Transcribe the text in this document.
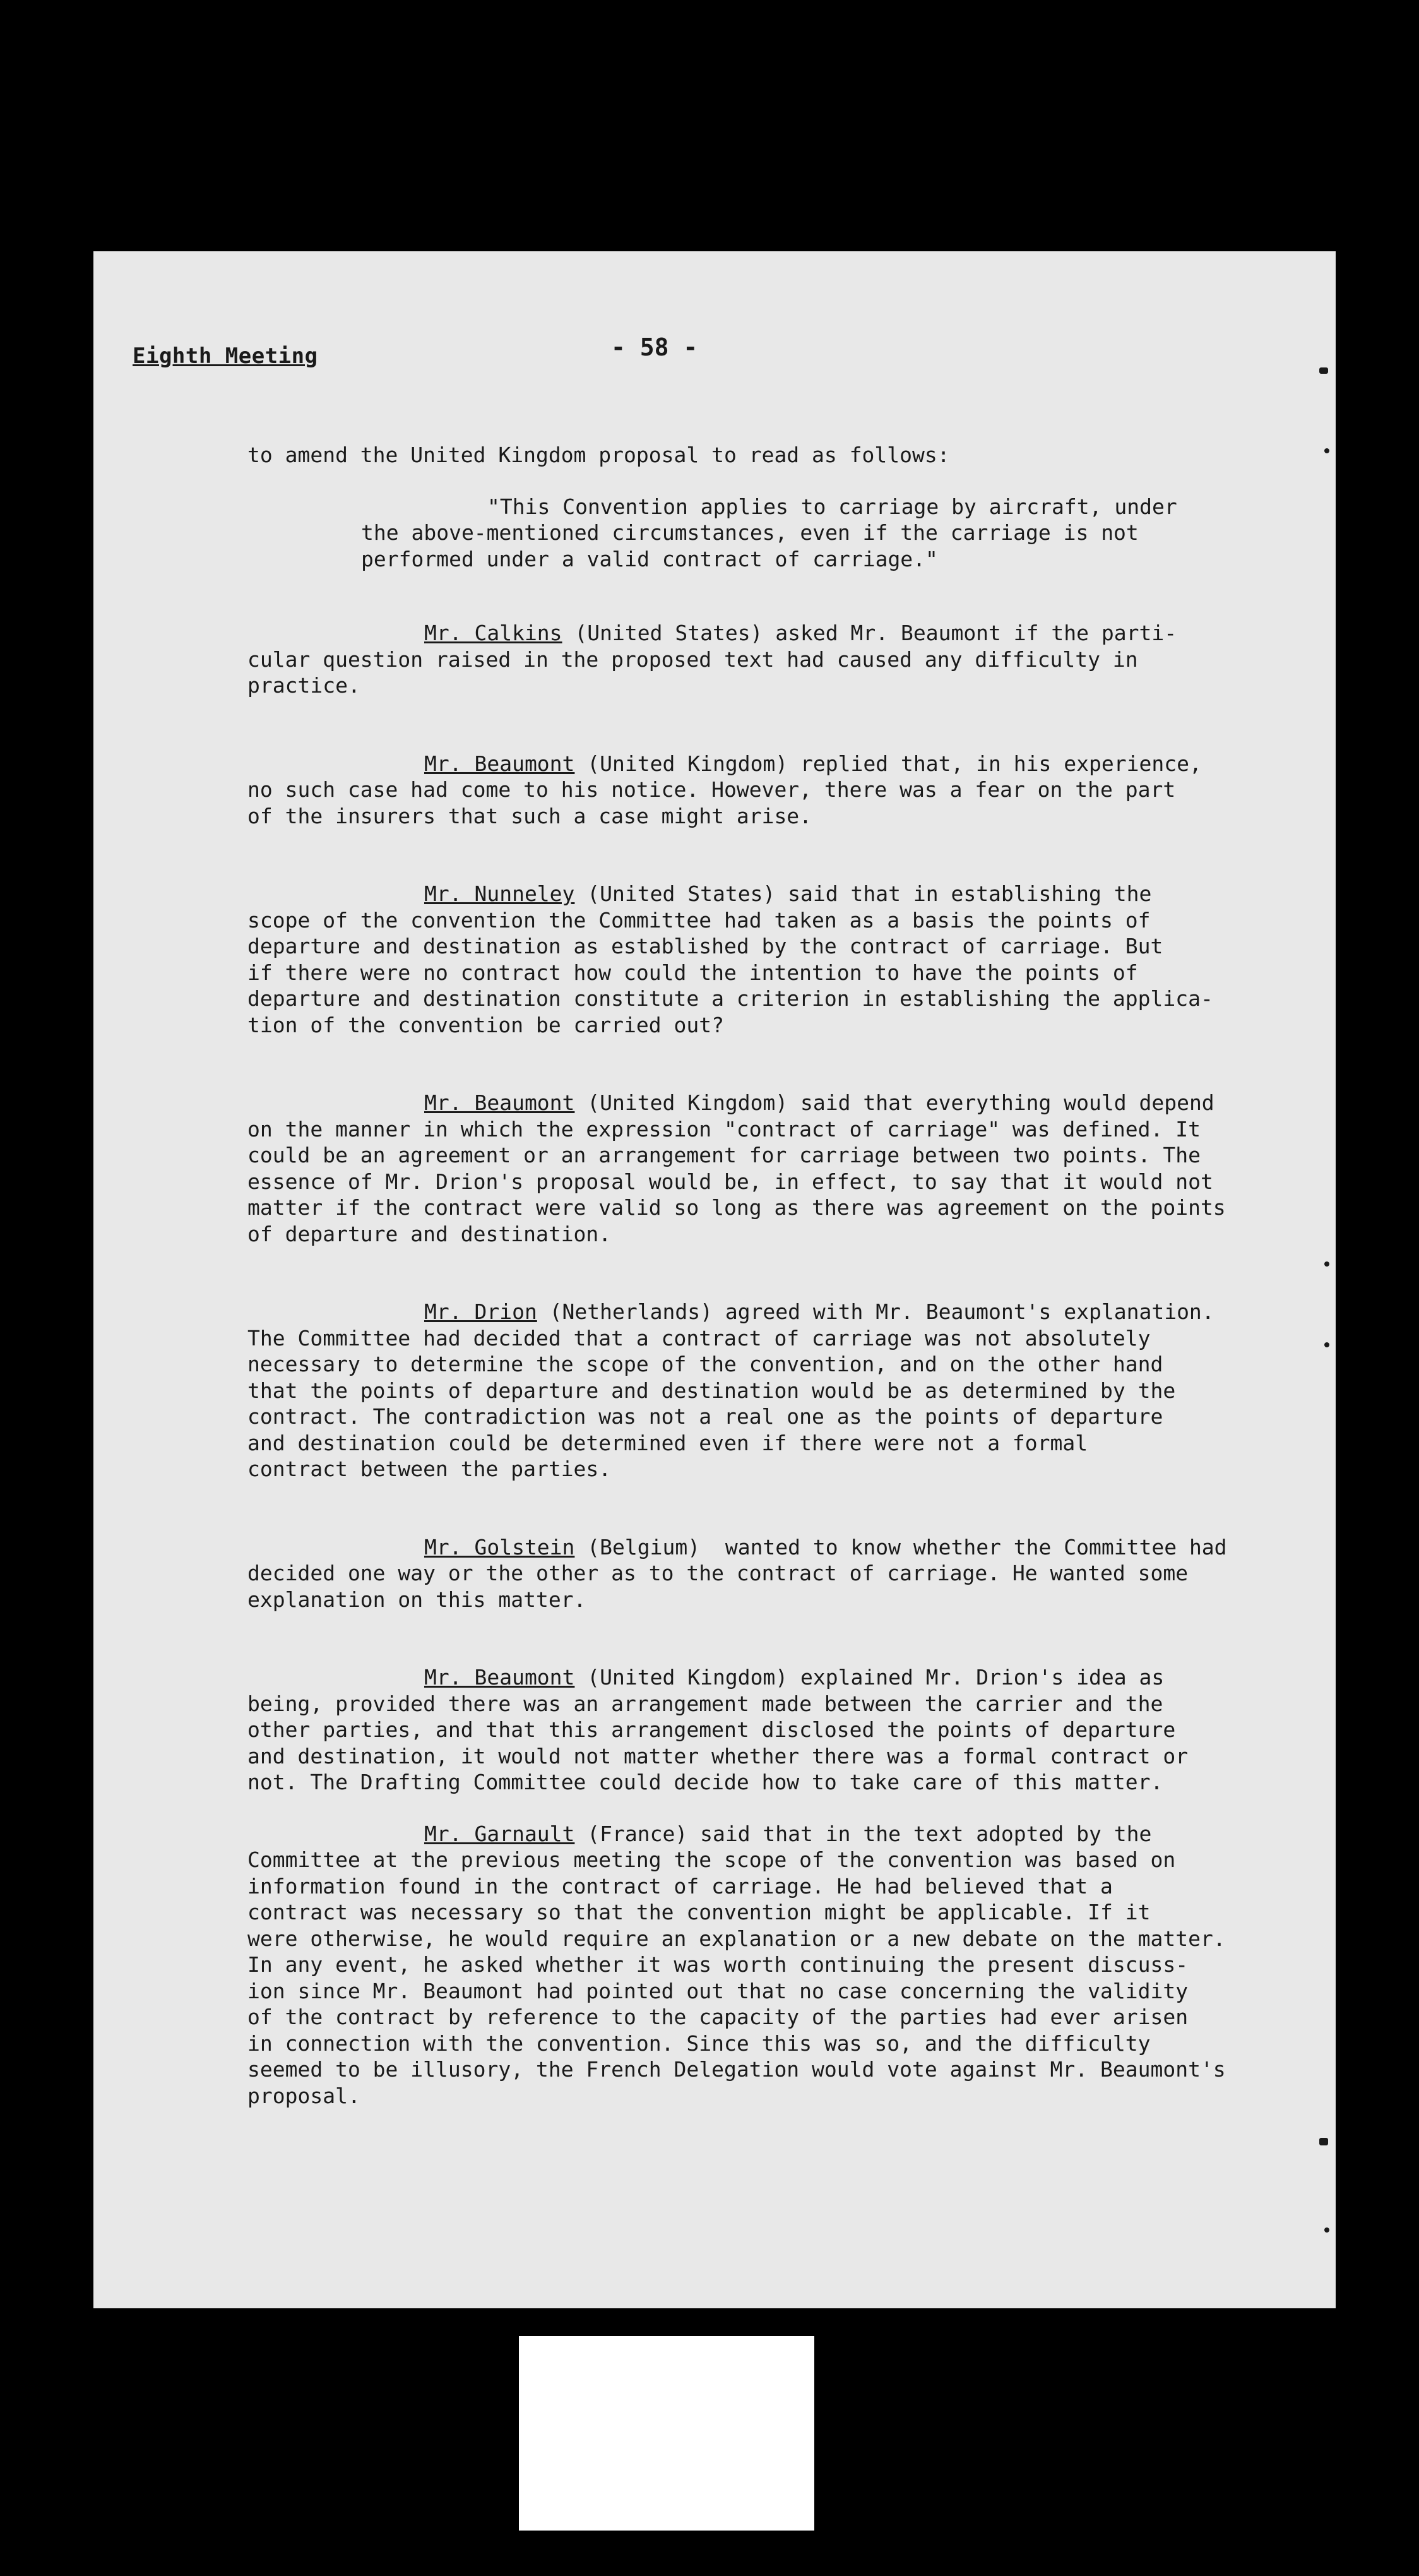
Eighth Meeting	- 58 -
to amend the United Kingdom proposal to read as follows:
"This Convention applies to carriage by aircraft, under
the above-mentioned circumstances, even if the carriage is not
performed under a valid contract of carriage."
Mr. Calkins (United States) asked Mr. Beaumont if the parti-
cular question raised in the proposed text had caused any difficulty in
practice.
Mr. Beaumont (United Kingdom) replied that, in his experience,
no such case had come to his notice. However, there was a fear on the part
of the insurers that such a case might arise.
Mr. Nunneley (United States) said that in establishing the
scope of the convention the Committee had taken as a basis the points of
departure and destination as established by the contract of carriage. But
if there were no contract how could the intention to have the points of
departure and destination constitute a criterion in establishing the applica-
tion of the convention be carried out?
Mr. Beaumont (United Kingdom) said that everything would depend
on the manner in which the expression "contract of carriage" was defined. It
could be an agreement or an arrangement for carriage between two points. The
essence of Mr. Drion's proposal would be, in effect, to say that it would not
matter if the contract were valid so long as there was agreement on the points
of departure and destination.
Mr. Drion (Netherlands) agreed with Mr. Beaumont's explanation.
The Committee had decided that a contract of carriage was not absolutely
necessary to determine the scope of the convention, and on the other hand
that the points of departure and destination would be as determined by the
contract. The contradiction was not a real one as the points of departure
and destination could be determined even if there were not a formal
contract between the parties.
Mr. Golstein (Belgium)  wanted to know whether the Committee had
decided one way or the other as to the contract of carriage. He wanted some
explanation on this matter.
Mr. Beaumont (United Kingdom) explained Mr. Drion's idea as
being, provided there was an arrangement made between the carrier and the
other parties, and that this arrangement disclosed the points of departure
and destination, it would not matter whether there was a formal contract or
not. The Drafting Committee could decide how to take care of this matter.
Mr. Garnault (France) said that in the text adopted by the
Committee at the previous meeting the scope of the convention was based on
information found in the contract of carriage. He had believed that a
contract was necessary so that the convention might be applicable. If it
were otherwise, he would require an explanation or a new debate on the matter.
In any event, he asked whether it was worth continuing the present discuss-
ion since Mr. Beaumont had pointed out that no case concerning the validity
of the contract by reference to the capacity of the parties had ever arisen
in connection with the convention. Since this was so, and the difficulty
seemed to be illusory, the French Delegation would vote against Mr. Beaumont's
proposal.
